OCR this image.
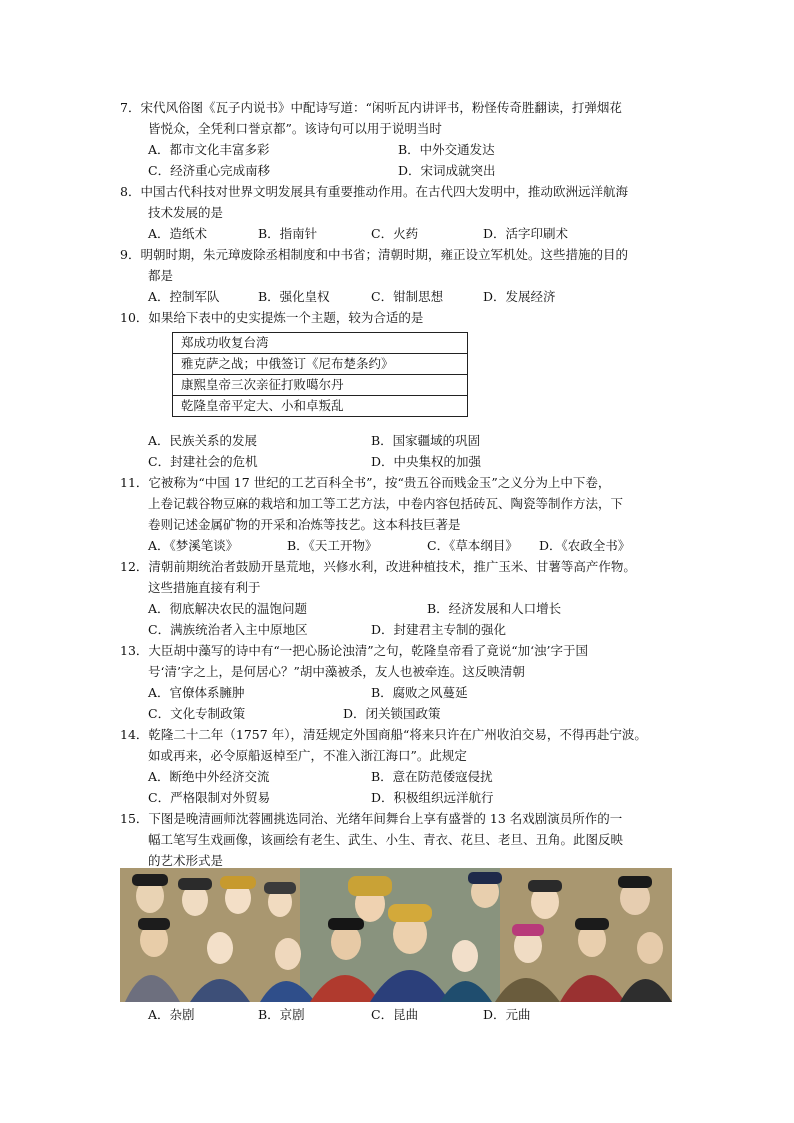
7．宋代风俗图《瓦子内说书》中配诗写道：“闲听瓦内讲评书，粉怪传奇胜翻读，打弹烟花
皆悦众，全凭利口誉京都”。该诗句可以用于说明当时
A．都市文化丰富多彩	B．中外交通发达
C．经济重心完成南移	D．宋词成就突出
8．中国古代科技对世界文明发展具有重要推动作用。在古代四大发明中，推动欧洲远洋航海
技术发展的是
A．造纸术	B．指南针	C．火药	D．活字印刷术
9．明朝时期，朱元璋废除丞相制度和中书省；清朝时期，雍正设立军机处。这些措施的目的
都是
A．控制军队	B．强化皇权	C．钳制思想	D．发展经济
10．如果给下表中的史实提炼一个主题，较为合适的是
郑成功收复台湾
雅克萨之战；中俄签订《尼布楚条约》
康熙皇帝三次亲征打败噶尔丹
乾隆皇帝平定大、小和卓叛乱
A．民族关系的发展	B．国家疆域的巩固
C．封建社会的危机	D．中央集权的加强
11．它被称为“中国 17 世纪的工艺百科全书”，按“贵五谷而贱金玉”之义分为上中下卷，
上卷记载谷物豆麻的栽培和加工等工艺方法，中卷内容包括砖瓦、陶瓷等制作方法，下
卷则记述金属矿物的开采和冶炼等技艺。这本科技巨著是
A．《梦溪笔谈》	B．《天工开物》	C．《草本纲目》 D．《农政全书》
12．清朝前期统治者鼓励开垦荒地，兴修水利，改进种植技术，推广玉米、甘薯等高产作物。
这些措施直接有利于
A．彻底解决农民的温饱问题	B．经济发展和人口增长
C．满族统治者入主中原地区	D．封建君主专制的强化
13．大臣胡中藻写的诗中有“一把心肠论浊清”之句，乾隆皇帝看了竟说“加‘浊’字于国
号‘清’字之上，是何居心？”胡中藻被杀，友人也被牵连。这反映清朝
A．官僚体系臃肿	B．腐败之风蔓延
C．文化专制政策	D．闭关锁国政策
14．乾隆二十二年（1757 年），清廷规定外国商船“将来只许在广州收泊交易，不得再赴宁波。
如或再来，必令原船返棹至广，不准入浙江海口”。此规定
A．断绝中外经济交流	B．意在防范倭寇侵扰
C．严格限制对外贸易	D．积极组织远洋航行
15．下图是晚清画师沈蓉圃挑选同治、光绪年间舞台上享有盛誉的 13 名戏剧演员所作的一
幅工笔写生戏画像，该画绘有老生、武生、小生、青衣、花旦、老旦、丑角。此图反映
的艺术形式是
A．杂剧	B．京剧	C．昆曲	D．元曲
